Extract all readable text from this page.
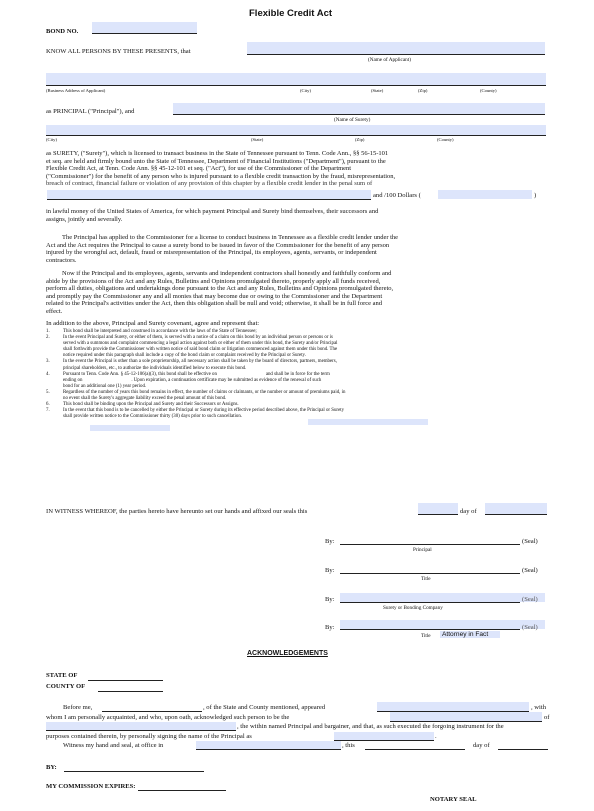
Flexible Credit Act
BOND NO.
KNOW ALL PERSONS BY THESE PRESENTS, that
(Name of Applicant)
(Business Address of Applicant)	(City)	(State)	(Zip)	(County)
as PRINCIPAL ("Principal"), and
(Name of Surety)
(City)	(State)	(Zip)	(County)
as SURETY, ("Surety"), which is licensed to transact business in the State of Tennessee pursuant to Tenn. Code Ann., §§ 56-15-101
et seq. are held and firmly bound unto the State of Tennessee, Department of Financial Institutions ("Department"), pursuant to the
Flexible Credit Act, at Tenn. Code Ann. §§ 45-12-101 et seq. ("Act"), for use of the Commissioner of the Department
("Commissioner") for the benefit of any person who is injured pursuant to a flexible credit transaction by the fraud, misrepresentation,
breach of contract, financial failure or violation of any provision of this chapter by a flexible credit lender in the penal sum of
and /100 Dollars (	)
in lawful money of the United States of America, for which payment Principal and Surety bind themselves, their successors and
assigns, jointly and severally.
The Principal has applied to the Commissioner for a license to conduct business in Tennessee as a flexible credit lender under the
Act and the Act requires the Principal to cause a surety bond to be issued in favor of the Commissioner for the benefit of any person
injured by the wrongful act, default, fraud or misrepresentation of the Principal, its employees, agents, servants, or independent
contractors.
Now if the Principal and its employees, agents, servants and independent contractors shall honestly and faithfully conform and
abide by the provisions of the Act and any Rules, Bulletins and Opinions promulgated thereto, properly apply all funds received,
perform all duties, obligations and undertakings done pursuant to the Act and any Rules, Bulletins and Opinions promulgated thereto,
and promptly pay the Commissioner any and all monies that may become due or owing to the Commissioner and the Department
related to the Principal's activities under the Act, then this obligation shall be null and void; otherwise, it shall be in full force and
effect.
In addition to the above, Principal and Surety covenant, agree and represent that:
1.	This bond shall be interpreted and construed in accordance with the laws of the State of Tennessee;
2.	In the event Principal and Surety, or either of them, is served with a notice of a claim on this bond by an individual person or persons or is
served with a summons and complaint commencing a legal action against both or either of them under this bond, the Surety and/or Principal
shall forthwith provide the Commissioner with written notice of said bond claim or litigation commenced against them under this bond. The
notice required under this paragraph shall include a copy of the bond claim or complaint received by the Principal or Surety.
3.	In the event the Principal is other than a sole proprietorship, all necessary action shall be taken by the board of directors, partners, members,
principal shareholders, etc., to authorize the individuals identified below to execute this bond.
4.	Pursuant to Tenn. Code Ann. § 45-12-106(a)(3), this bond shall be effective on                                        and shall be in force for the term
ending on                                        . Upon expiration, a continuation certificate may be submitted as evidence of the renewal of such
bond for an additional one (1) year period.
5.	Regardless of the number of years this bond remains in effect, the number of claims or claimants, or the number or amount of premiums paid, in
no event shall the Surety's aggregate liability exceed the penal amount of this bond.
6.	This bond shall be binding upon the Principal and Surety and their Successors or Assigns.
7.	In the event that this bond is to be cancelled by either the Principal or Surety during its effective period described above, the Principal or Surety
shall provide written notice to the Commissioner thirty (30) days prior to such cancellation.
IN WITNESS WHEREOF, the parties hereto have hereunto set our hands and affixed our seals this	day of
By:	(Seal)
Principal
By:	(Seal)
Title
By:	(Seal)
Surety or Bonding Company
By:	(Seal)
Title	Attorney in Fact
ACKNOWLEDGEMENTS
STATE OF
COUNTY OF
Before me,	, of the State and County mentioned, appeared	, with
whom I am personally acquainted, and who, upon oath, acknowledged such person to be the	of
, the within named Principal and bargainer, and that, as such executed the forgoing instrument for the
purposes contained therein, by personally signing the name of the Principal as	.
Witness my hand and seal, at office in	, this	day of
BY:
MY COMMISSION EXPIRES:
NOTARY SEAL
